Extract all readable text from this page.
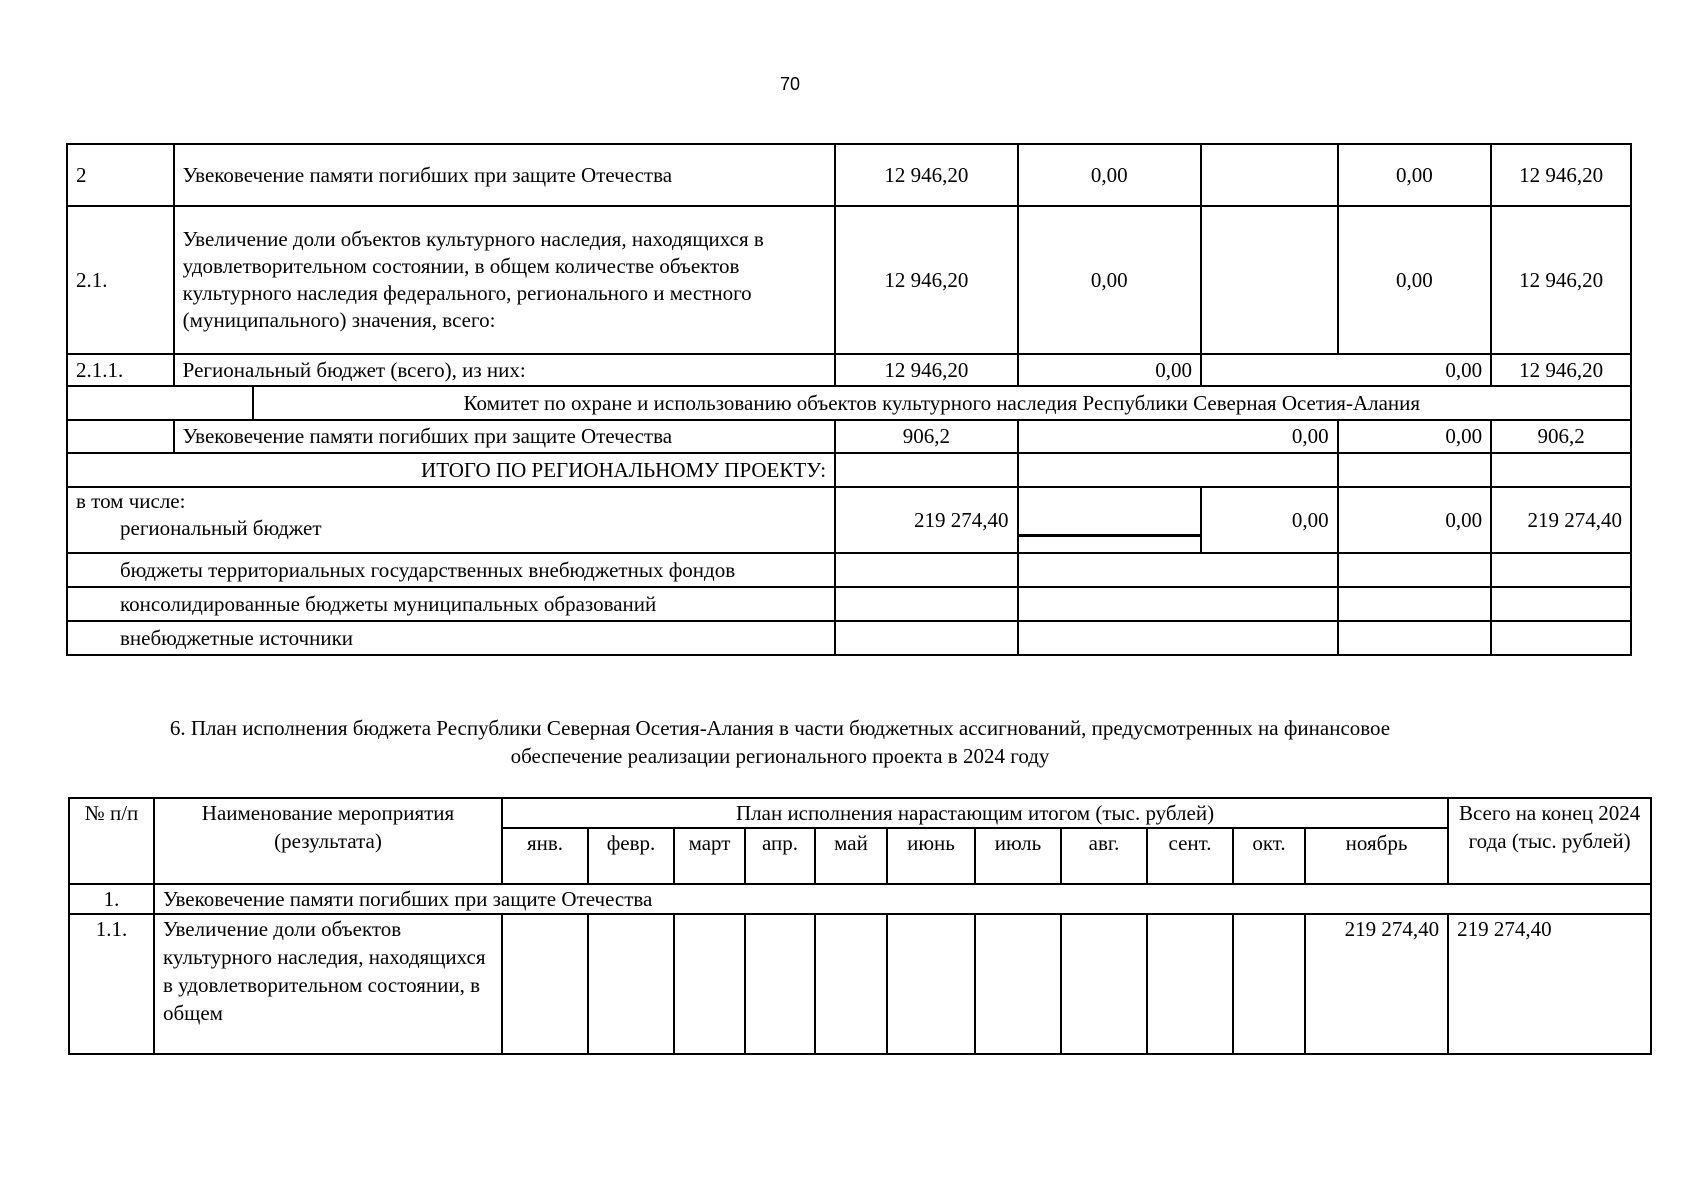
70
2	Увековечение памяти погибших при защите Отечества		12 946,20	0,00		0,00	12 946,20
2.1.	Увеличение доли объектов культурного наследия, находящихся в удовлетворительном состоянии, в общем количестве объектов культурного наследия федерального, регионального и местного (муниципального) значения, всего:		12 946,20	0,00		0,00	12 946,20
2.1.1.	Региональный бюджет (всего), из них:		12 946,20	0,00	0,00		12 946,20
		Комитет по охране и использованию объектов культурного наследия Республики Северная Осетия-Алания					
	Увековечение памяти погибших при защите Отечества		906,2	0,00		0,00	906,2
ИТОГО ПО РЕГИОНАЛЬНОМУ ПРОЕКТУ:							

в том числе:
региональный бюджет			219 274,40		0,00	0,00	219 274,40
бюджеты территориальных государственных внебюджетных фондов							
консолидированные бюджеты муниципальных образований							
внебюджетные источники							
6. План исполнения бюджета Республики Северная Осетия-Алания в части бюджетных ассигнований, предусмотренных на финансовое
обеспечение реализации регионального проекта в 2024 году
№ п/п	Наименование мероприятия (результата)	План исполнения нарастающим итогом (тыс. рублей)											Всего на конец 2024 года (тыс. рублей)
		янв.	февр.	март	апр.	май	июнь	июль	авг.	сент.	окт.	ноябрь	
1.	Увековечение памяти погибших при защите Отечества												
1.1.	Увеличение доли объектов культурного наследия, находящихся в удовлетворительном состоянии, в общем											219 274,40	219 274,40
